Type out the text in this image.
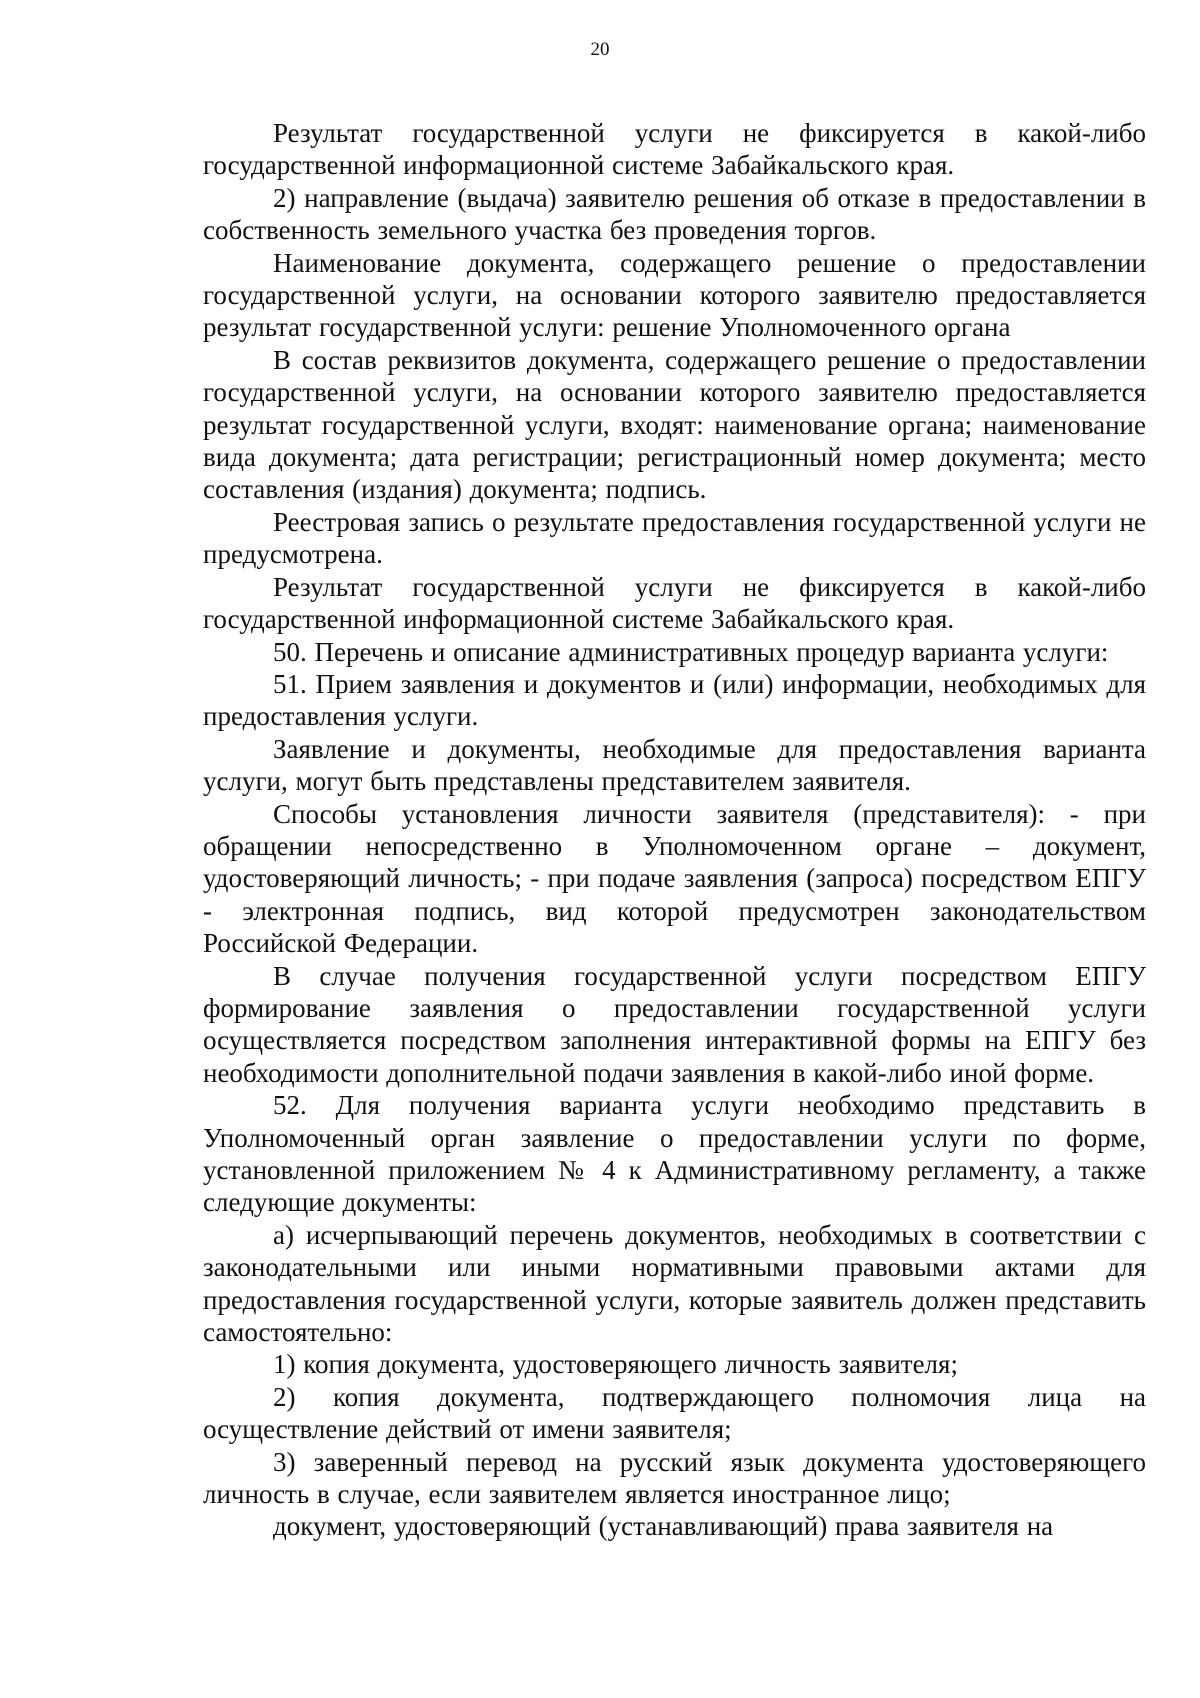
20

Результат государственной услуги не фиксируется в какой-либо государственной информационной системе Забайкальского края.

2) направление (выдача) заявителю решения об отказе в предоставлении в собственность земельного участка без проведения торгов.

Наименование документа, содержащего решение о предоставлении государственной услуги, на основании которого заявителю предоставляется результат государственной услуги: решение Уполномоченного органа

В состав реквизитов документа, содержащего решение о предоставлении государственной услуги, на основании которого заявителю предоставляется результат государственной услуги, входят: наименование органа; наименование вида документа; дата регистрации; регистрационный номер документа; место составления (издания) документа; подпись.

Реестровая запись о результате предоставления государственной услуги не предусмотрена.

Результат государственной услуги не фиксируется в какой-либо государственной информационной системе Забайкальского края.

50. Перечень и описание административных процедур варианта услуги:

51. Прием заявления и документов и (или) информации, необходимых для предоставления услуги.

Заявление и документы, необходимые для предоставления варианта услуги, могут быть представлены представителем заявителя.

Способы установления личности заявителя (представителя): - при обращении непосредственно в Уполномоченном органе – документ, удостоверяющий личность; - при подаче заявления (запроса) посредством ЕПГУ - электронная подпись, вид которой предусмотрен законодательством Российской Федерации.

В случае получения государственной услуги посредством ЕПГУ формирование заявления о предоставлении государственной услуги осуществляется посредством заполнения интерактивной формы на ЕПГУ без необходимости дополнительной подачи заявления в какой-либо иной форме.

52. Для получения варианта услуги необходимо представить в Уполномоченный орган заявление о предоставлении услуги по форме, установленной приложением № 4 к Административному регламенту, а также следующие документы:

а) исчерпывающий перечень документов, необходимых в соответствии с законодательными или иными нормативными правовыми актами для предоставления государственной услуги, которые заявитель должен представить самостоятельно:

1) копия документа, удостоверяющего личность заявителя;

2) копия документа, подтверждающего полномочия лица на осуществление действий от имени заявителя;

3) заверенный перевод на русский язык документа удостоверяющего личность в случае, если заявителем является иностранное лицо;

документ, удостоверяющий (устанавливающий) права заявителя на
